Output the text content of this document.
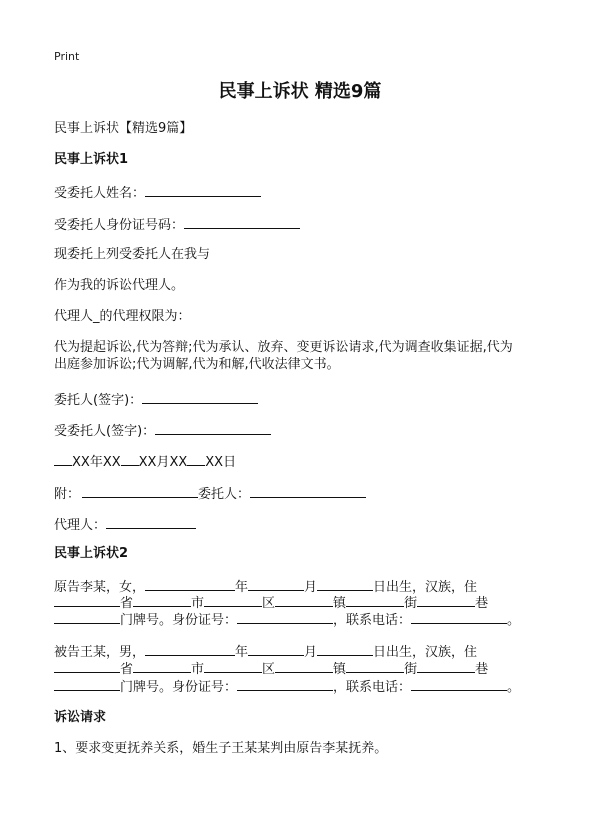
Print
民事上诉状 精选9篇
民事上诉状【精选9篇】
民事上诉状1
受委托人姓名：
受委托人身份证号码：
现委托上列受委托人在我与
作为我的诉讼代理人。
代理人_的代理权限为：
代为提起诉讼,代为答辩;代为承认、放弃、变更诉讼请求,代为调查收集证据,代为
出庭参加诉讼;代为调解,代为和解,代收法律文书。
委托人(签字)：
受委托人(签字)：
XX年XX XX月XX XX日
附：	委托人：
代理人：
民事上诉状2
原告李某，女，	年	月	日出生，汉族，住
省	市	区	镇	街	巷
门牌号。身份证号：	，联系电话：	。
被告王某，男，	年	月	日出生，汉族，住
省	市	区	镇	街	巷
门牌号。身份证号：	，联系电话：	。
诉讼请求
1、要求变更抚养关系，婚生子王某某判由原告李某抚养。
